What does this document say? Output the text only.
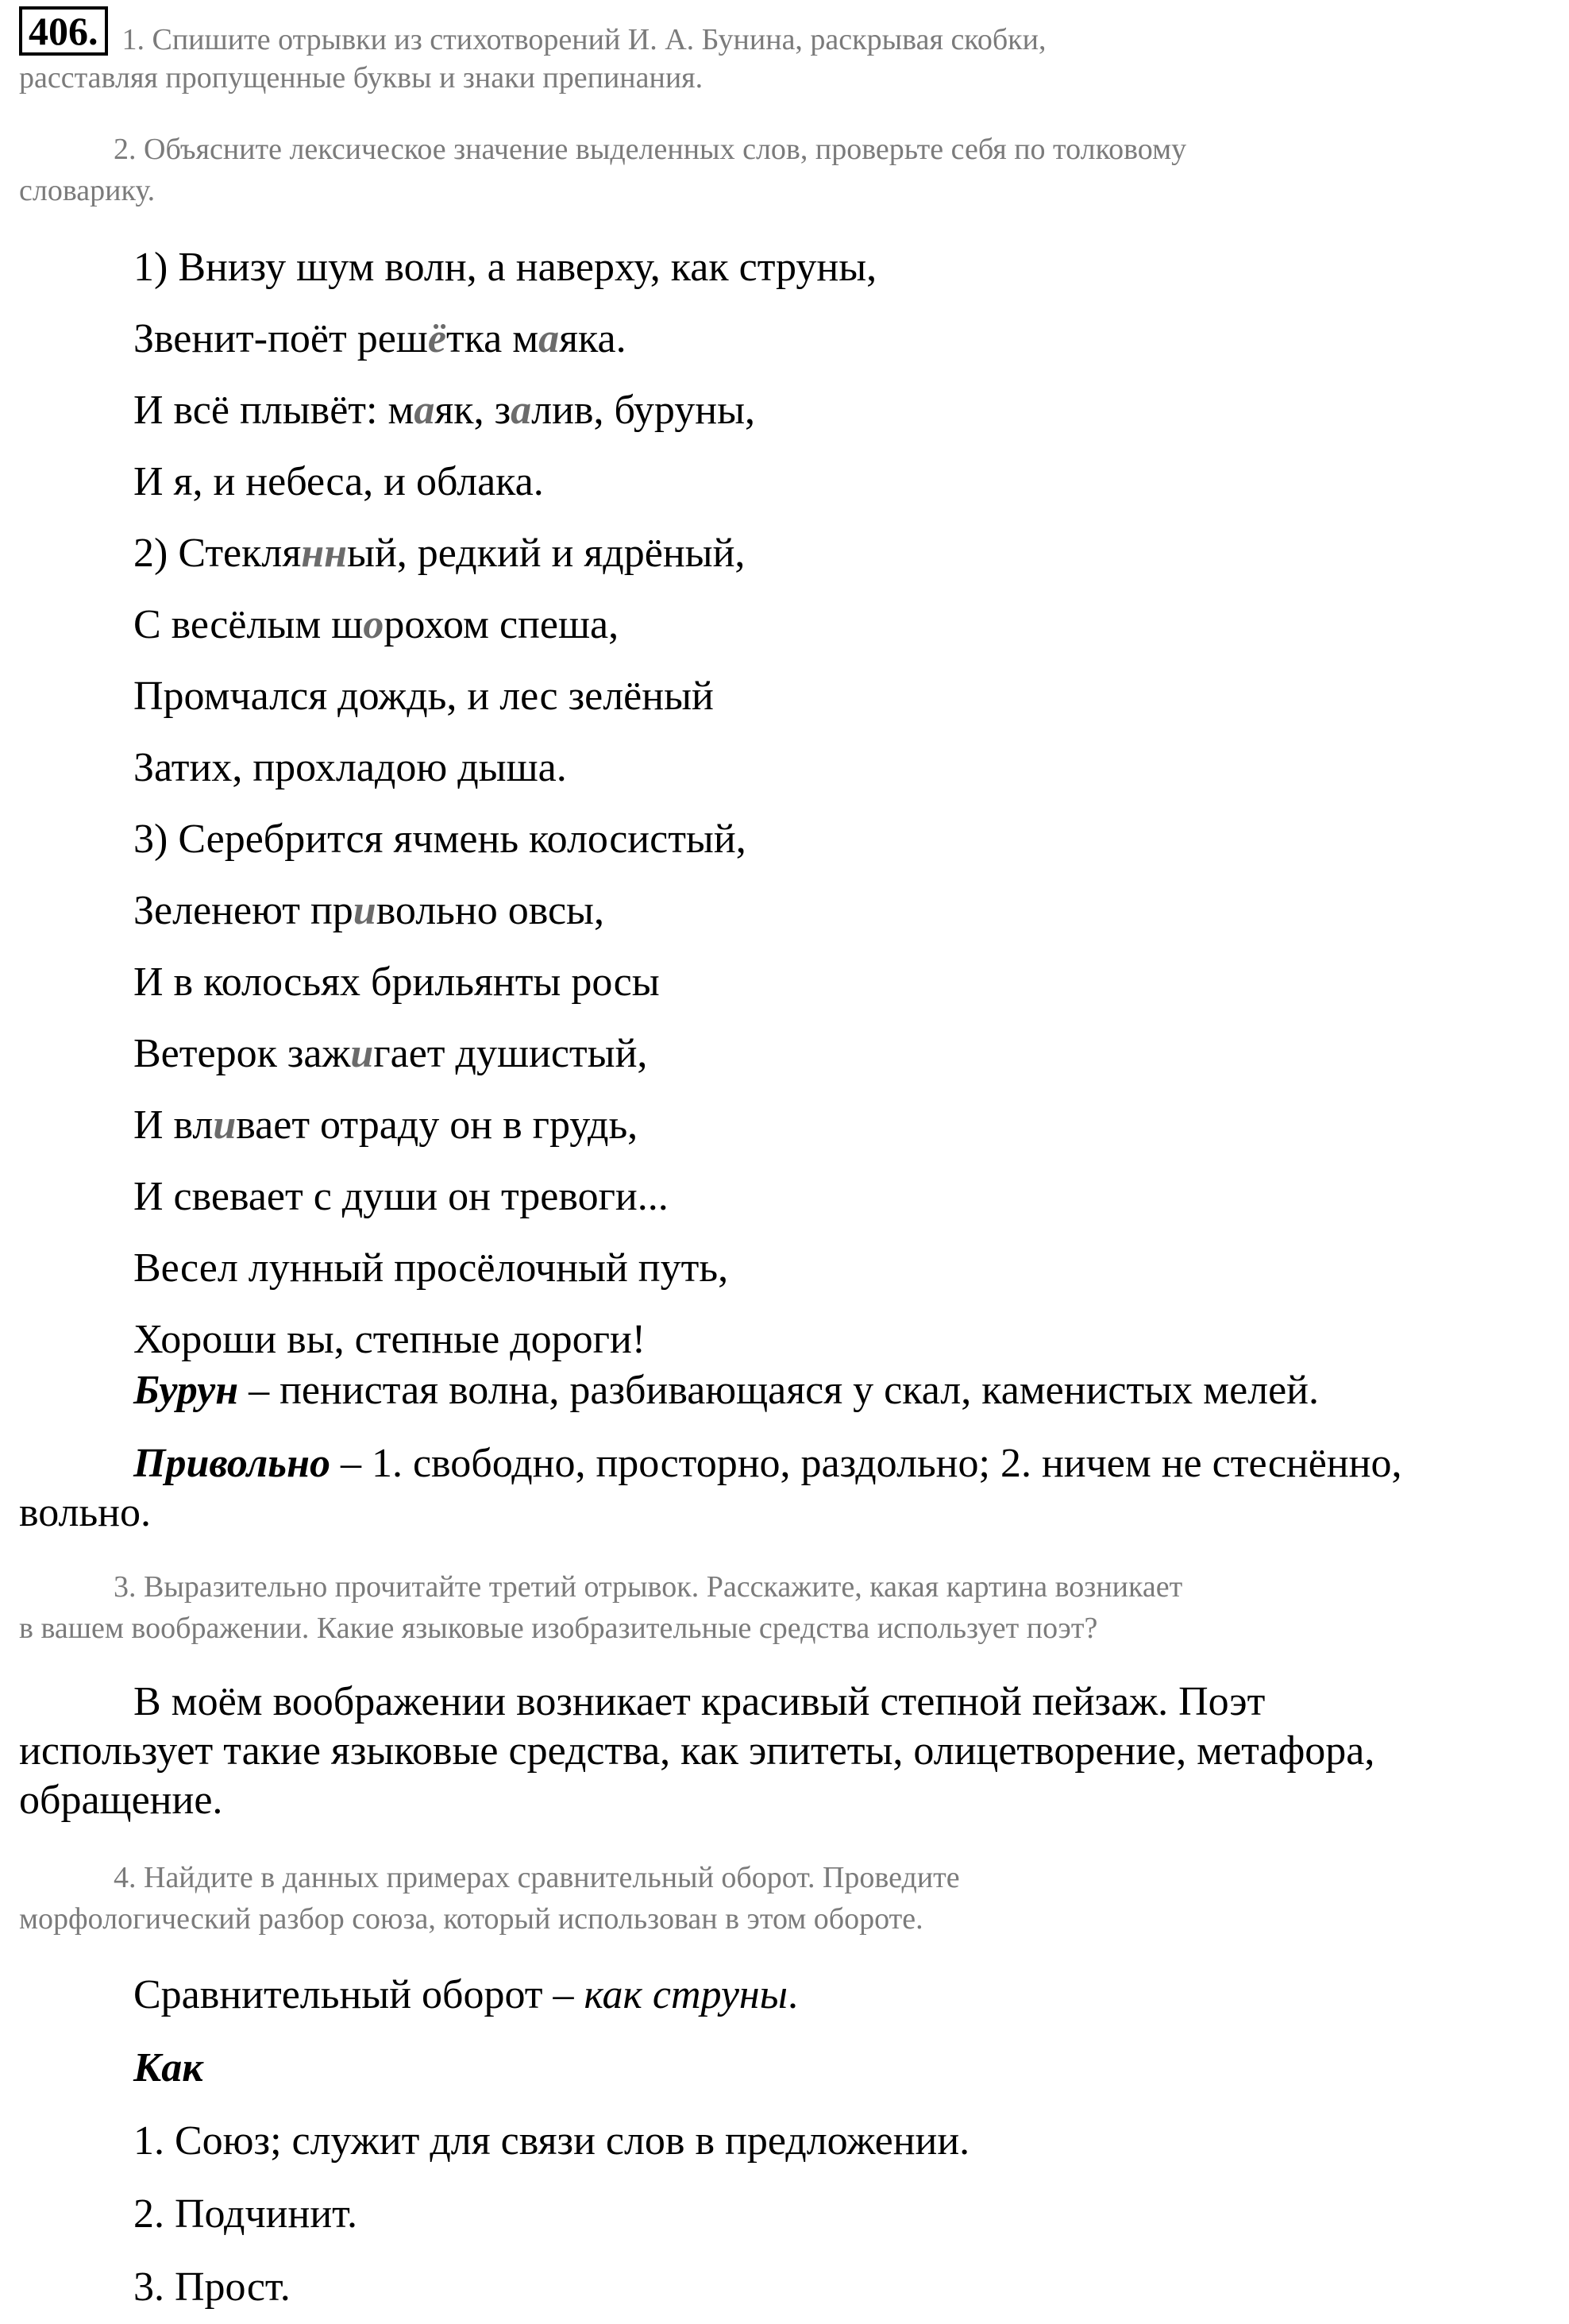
406. 1. Спишите отрывки из стихотворений И. А. Бунина, раскрывая скобки,

расставляя пропущенные буквы и знаки препинания.

2. Объясните лексическое значение выделенных слов, проверьте себя по толковому

словарику.

1) Внизу шум волн, а наверху, как струны,

Звенит-поёт решётка маяка.

И всё плывёт: маяк, залив, буруны,

И я, и небеса, и облака.

2) Стеклянный, редкий и ядрёный,

С весёлым шорохом спеша,

Промчался дождь, и лес зелёный

Затих, прохладою дыша.

3) Серебрится ячмень колосистый,

Зеленеют привольно овсы,

И в колосьях брильянты росы

Ветерок зажигает душистый,

И вливает отраду он в грудь,

И свевает с души он тревоги...

Весел лунный просёлочный путь,

Хороши вы, степные дороги!

Бурун – пенистая волна, разбивающаяся у скал, каменистых мелей.

Привольно – 1. свободно, просторно, раздольно; 2. ничем не стеснённо,

вольно.

3. Выразительно прочитайте третий отрывок. Расскажите, какая картина возникает

в вашем воображении. Какие языковые изобразительные средства использует поэт?

В моём воображении возникает красивый степной пейзаж. Поэт

использует такие языковые средства, как эпитеты, олицетворение, метафора,

обращение.

4. Найдите в данных примерах сравнительный оборот. Проведите

морфологический разбор союза, который использован в этом обороте.

Сравнительный оборот – как струны.

Как

1. Союз; служит для связи слов в предложении.

2. Подчинит.

3. Прост.
